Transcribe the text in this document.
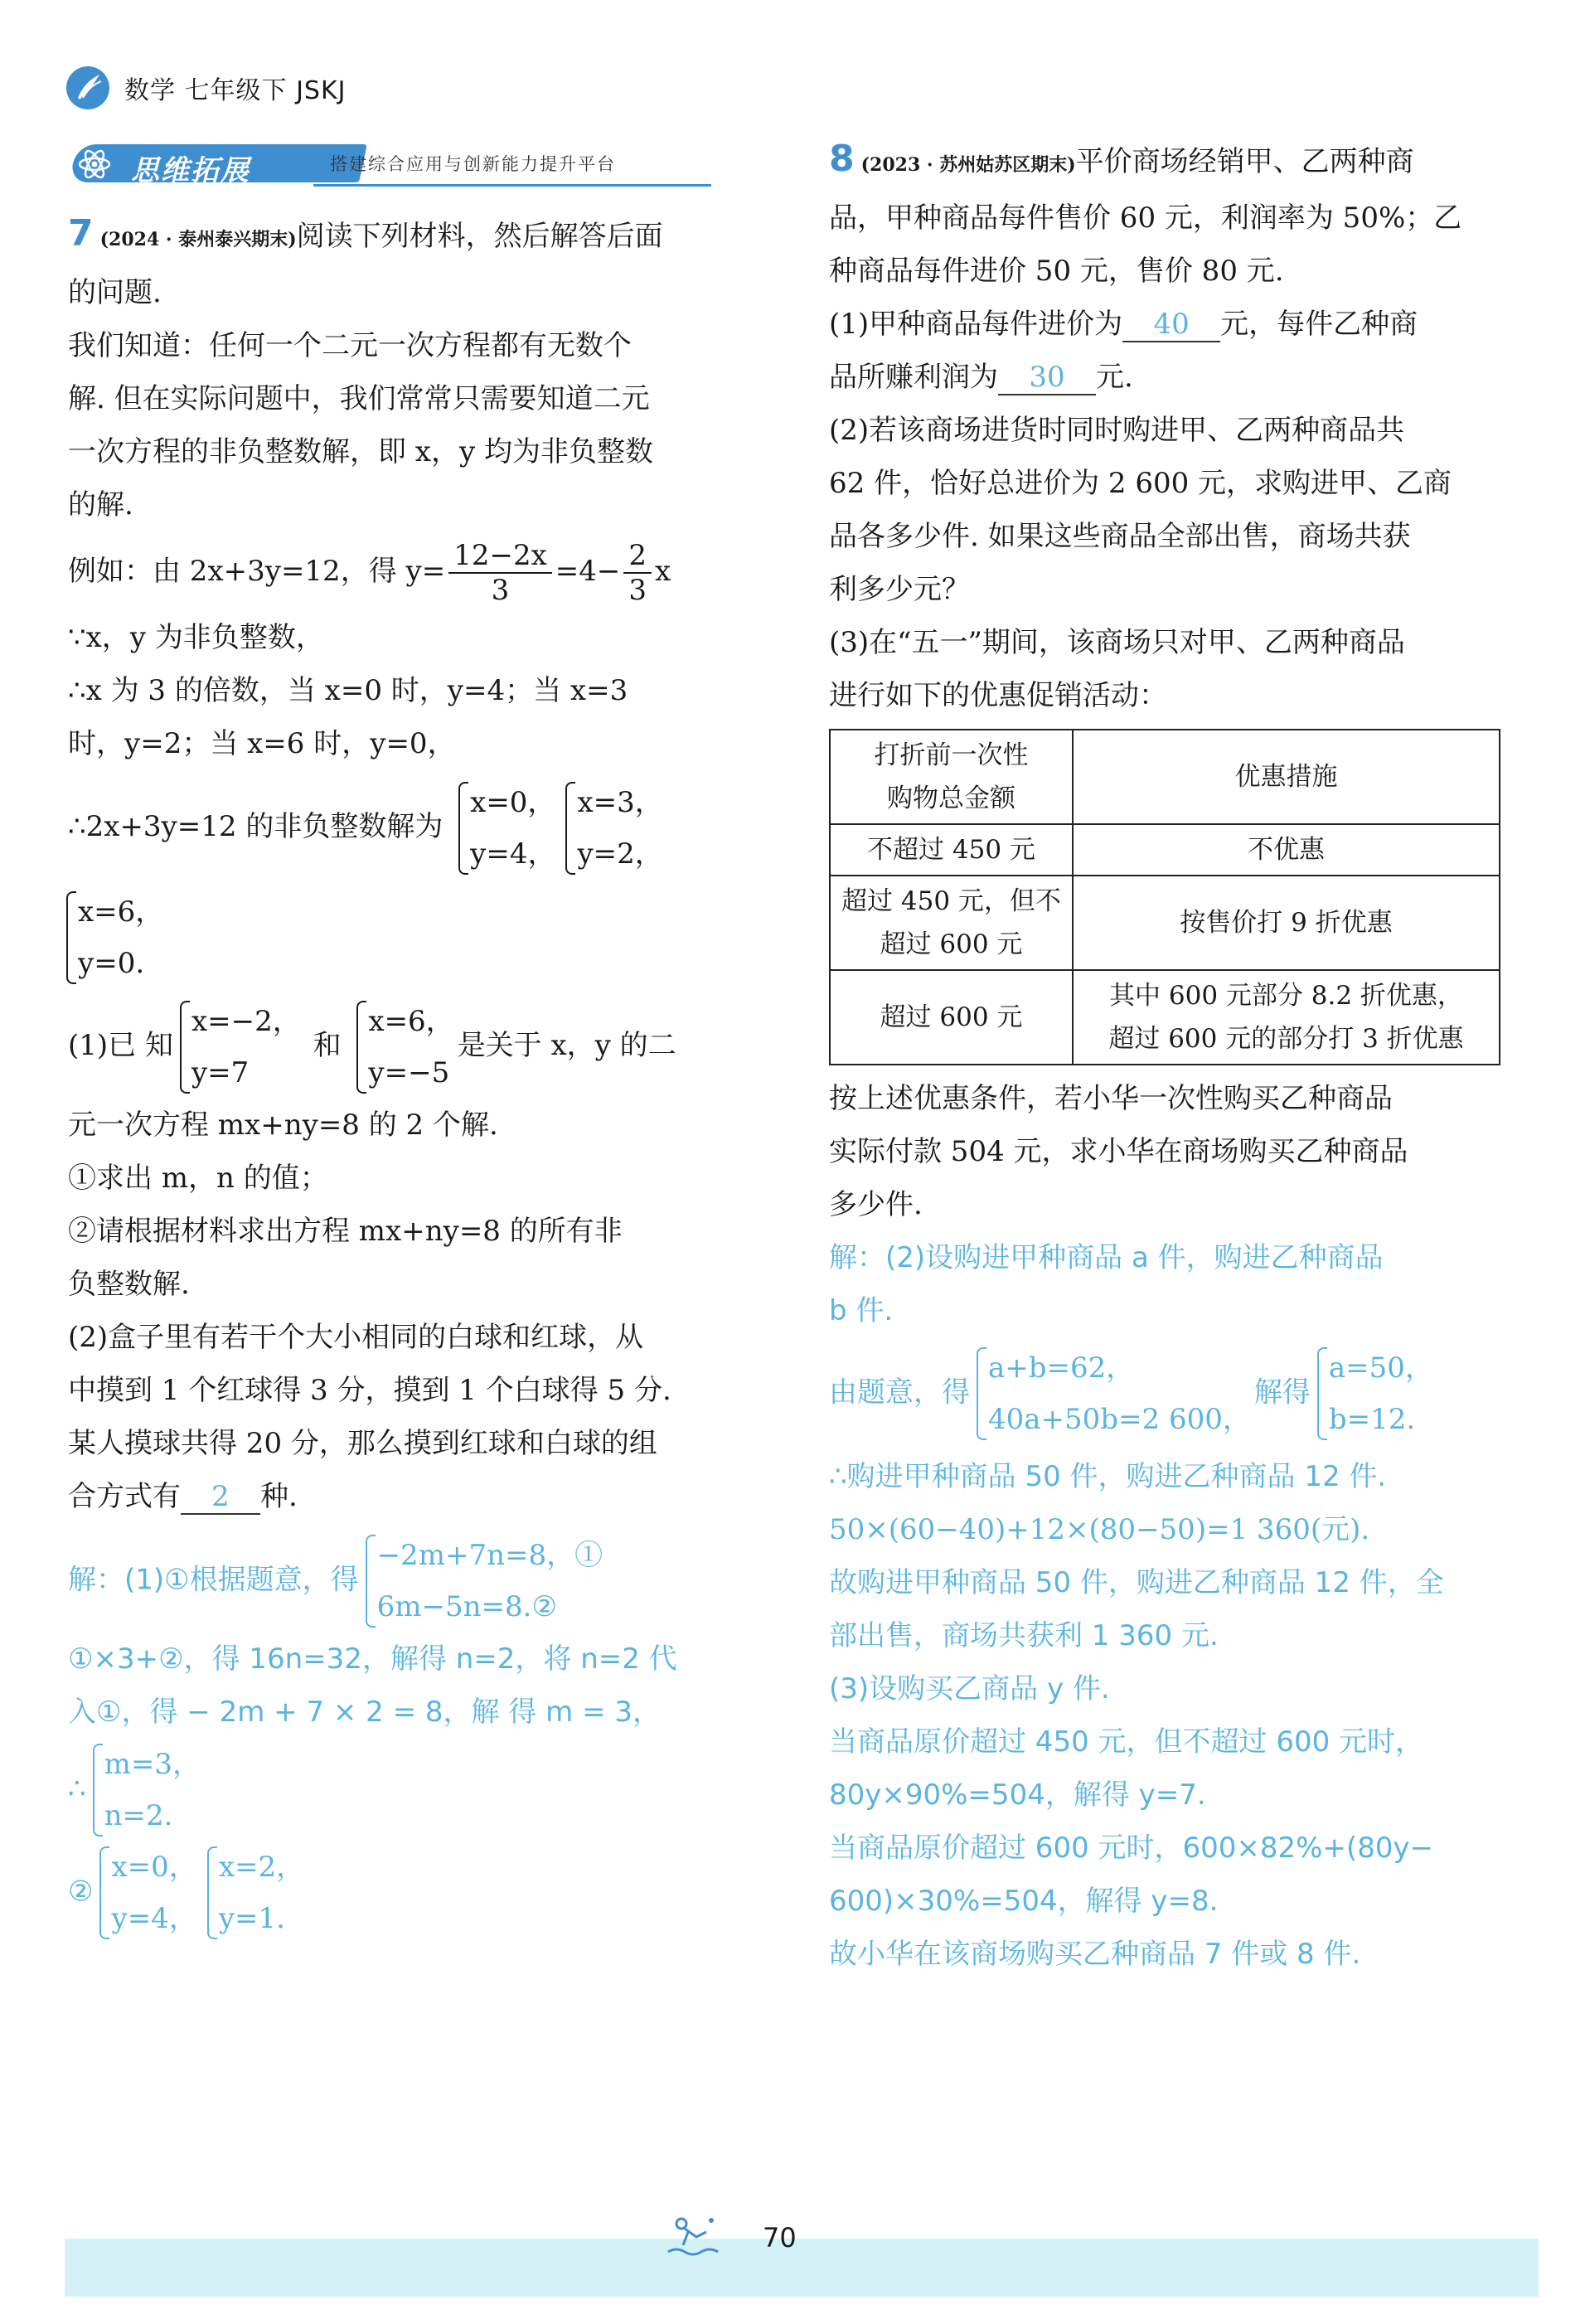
数学 七年级下 JSKJ
思维拓展	搭建综合应用与创新能力提升平台

7 (2024 · 泰州泰兴期末)阅读下列材料，然后解答后面

的问题.

我们知道：任何一个二元一次方程都有无数个

解. 但在实际问题中，我们常常只需要知道二元

一次方程的非负整数解，即 x，y 均为非负整数

的解.

例如：由 2x+3y=12，得 $y= \frac{12-2x}{3} =4- \frac{2}{3}$ x

∵x，y 为非负整数，

∴x 为 3 的倍数，当 x=0 时，y=4；当 x=3

时，y=2；当 x=6 时，y=0，

∴2x+3y=12 的非负整数解为
x=0，
y=4，
x=3，
y=2，

x=6，
y=0.

(1)已 知
x=−2，
y=7
和
x=6，
y=−5
是关于 x，y 的二

元一次方程 mx+ny=8 的 2 个解.

①求出 m，n 的值；

②请根据材料求出方程 mx+ny=8 的所有非

负整数解.

(2)盒子里有若干个大小相同的白球和红球，从

中摸到 1 个红球得 3 分，摸到 1 个白球得 5 分.

某人摸球共得 20 分，那么摸到红球和白球的组

合方式有 2 种.

解：(1)①根据题意，得
−2m+7n=8，①
6m−5n=8.②

①×3+②，得 16n=32，解得 n=2，将 n=2 代

入①，得 − 2m + 7 × 2 = 8，解 得 m = 3，

∴
m=3，
n=2.

②
x=0，
y=4，
x=2，
y=1.

8 (2023 · 苏州姑苏区期末)平价商场经销甲、乙两种商

品，甲种商品每件售价 60 元，利润率为 50%；乙

种商品每件进价 50 元，售价 80 元.

(1)甲种商品每件进价为 40 元，每件乙种商

品所赚利润为 30 元.

(2)若该商场进货时同时购进甲、乙两种商品共

62 件，恰好总进价为 2 600 元，求购进甲、乙商

品各多少件. 如果这些商品全部出售，商场共获

利多少元？

(3)在“五一”期间，该商场只对甲、乙两种商品

进行如下的优惠促销活动：

打折前一次性
购物总金额	优惠措施
不超过 450 元	不优惠
超过 450 元，但不
超过 600 元	按售价打 9 折优惠
超过 600 元	其中 600 元部分 8.2 折优惠，
超过 600 元的部分打 3 折优惠

按上述优惠条件，若小华一次性购买乙种商品

实际付款 504 元，求小华在商场购买乙种商品

多少件.

解：(2)设购进甲种商品 a 件，购进乙种商品

b 件.

由题意，得
a+b=62，
40a+50b=2 600，
解得
a=50，
b=12.

∴购进甲种商品 50 件，购进乙种商品 12 件.

50×(60−40)+12×(80−50)=1 360(元).

故购进甲种商品 50 件，购进乙种商品 12 件，全

部出售，商场共获利 1 360 元.

(3)设购买乙商品 y 件.

当商品原价超过 450 元，但不超过 600 元时，

80y×90%=504，解得 y=7.

当商品原价超过 600 元时，600×82%+(80y−

600)×30%=504，解得 y=8.

故小华在该商场购买乙种商品 7 件或 8 件.

70
